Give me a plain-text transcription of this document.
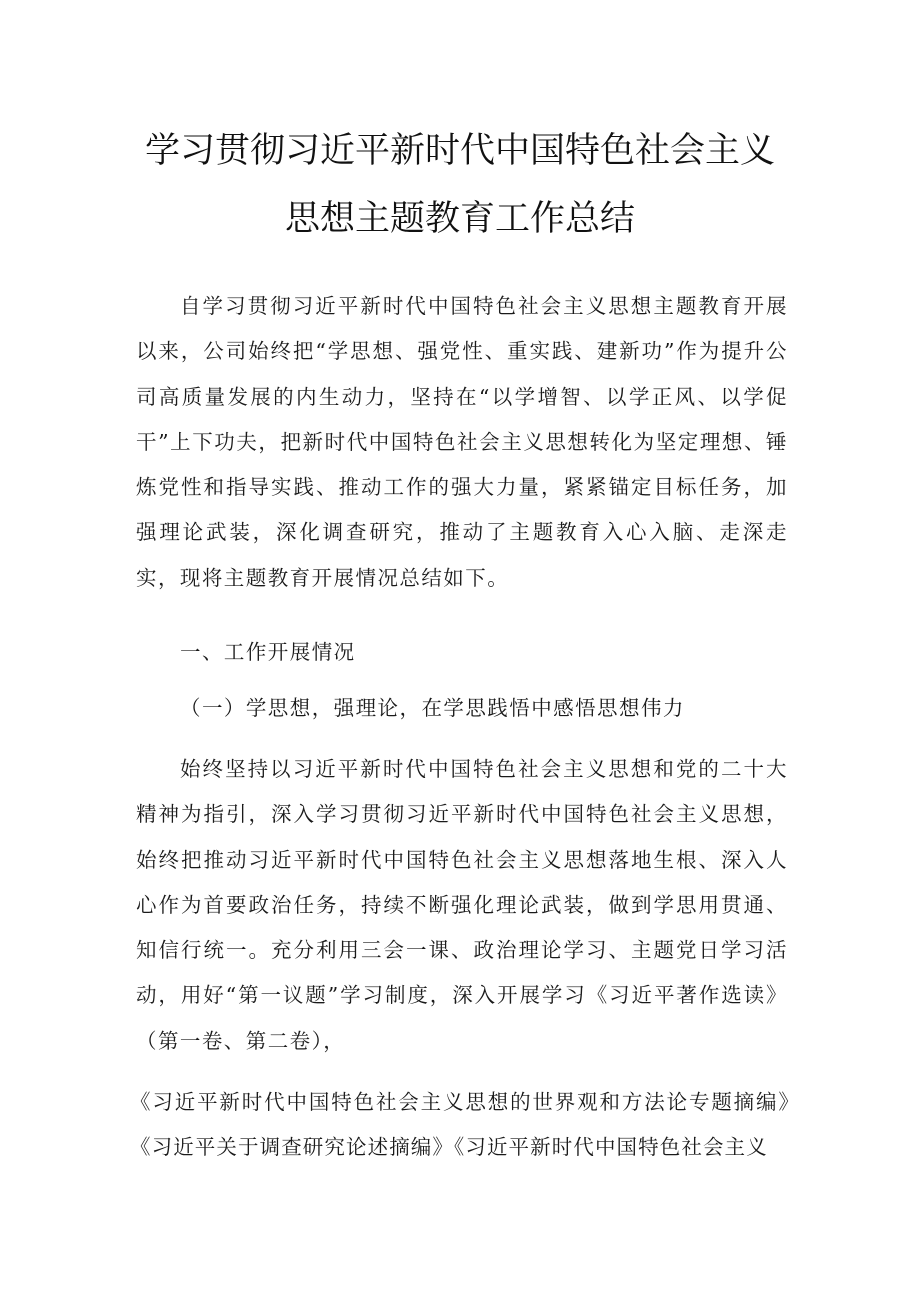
学习贯彻习近平新时代中国特色社会主义
思想主题教育工作总结

自学习贯彻习近平新时代中国特色社会主义思想主题教育开展以来，公司始终把“学思想、强党性、重实践、建新功”作为提升公司高质量发展的内生动力，坚持在“以学增智、以学正风、以学促干”上下功夫，把新时代中国特色社会主义思想转化为坚定理想、锤炼党性和指导实践、推动工作的强大力量，紧紧锚定目标任务，加强理论武装，深化调查研究，推动了主题教育入心入脑、走深走实，现将主题教育开展情况总结如下。

一、工作开展情况

（一）学思想，强理论，在学思践悟中感悟思想伟力

始终坚持以习近平新时代中国特色社会主义思想和党的二十大精神为指引，深入学习贯彻习近平新时代中国特色社会主义思想，始终把推动习近平新时代中国特色社会主义思想落地生根、深入人心作为首要政治任务，持续不断强化理论武装，做到学思用贯通、知信行统一。充分利用三会一课、政治理论学习、主题党日学习活动，用好“第一议题”学习制度，深入开展学习《习近平著作选读》（第一卷、第二卷），

《习近平新时代中国特色社会主义思想的世界观和方法论专题摘编》《习近平关于调查研究论述摘编》《习近平新时代中国特色社会主义
